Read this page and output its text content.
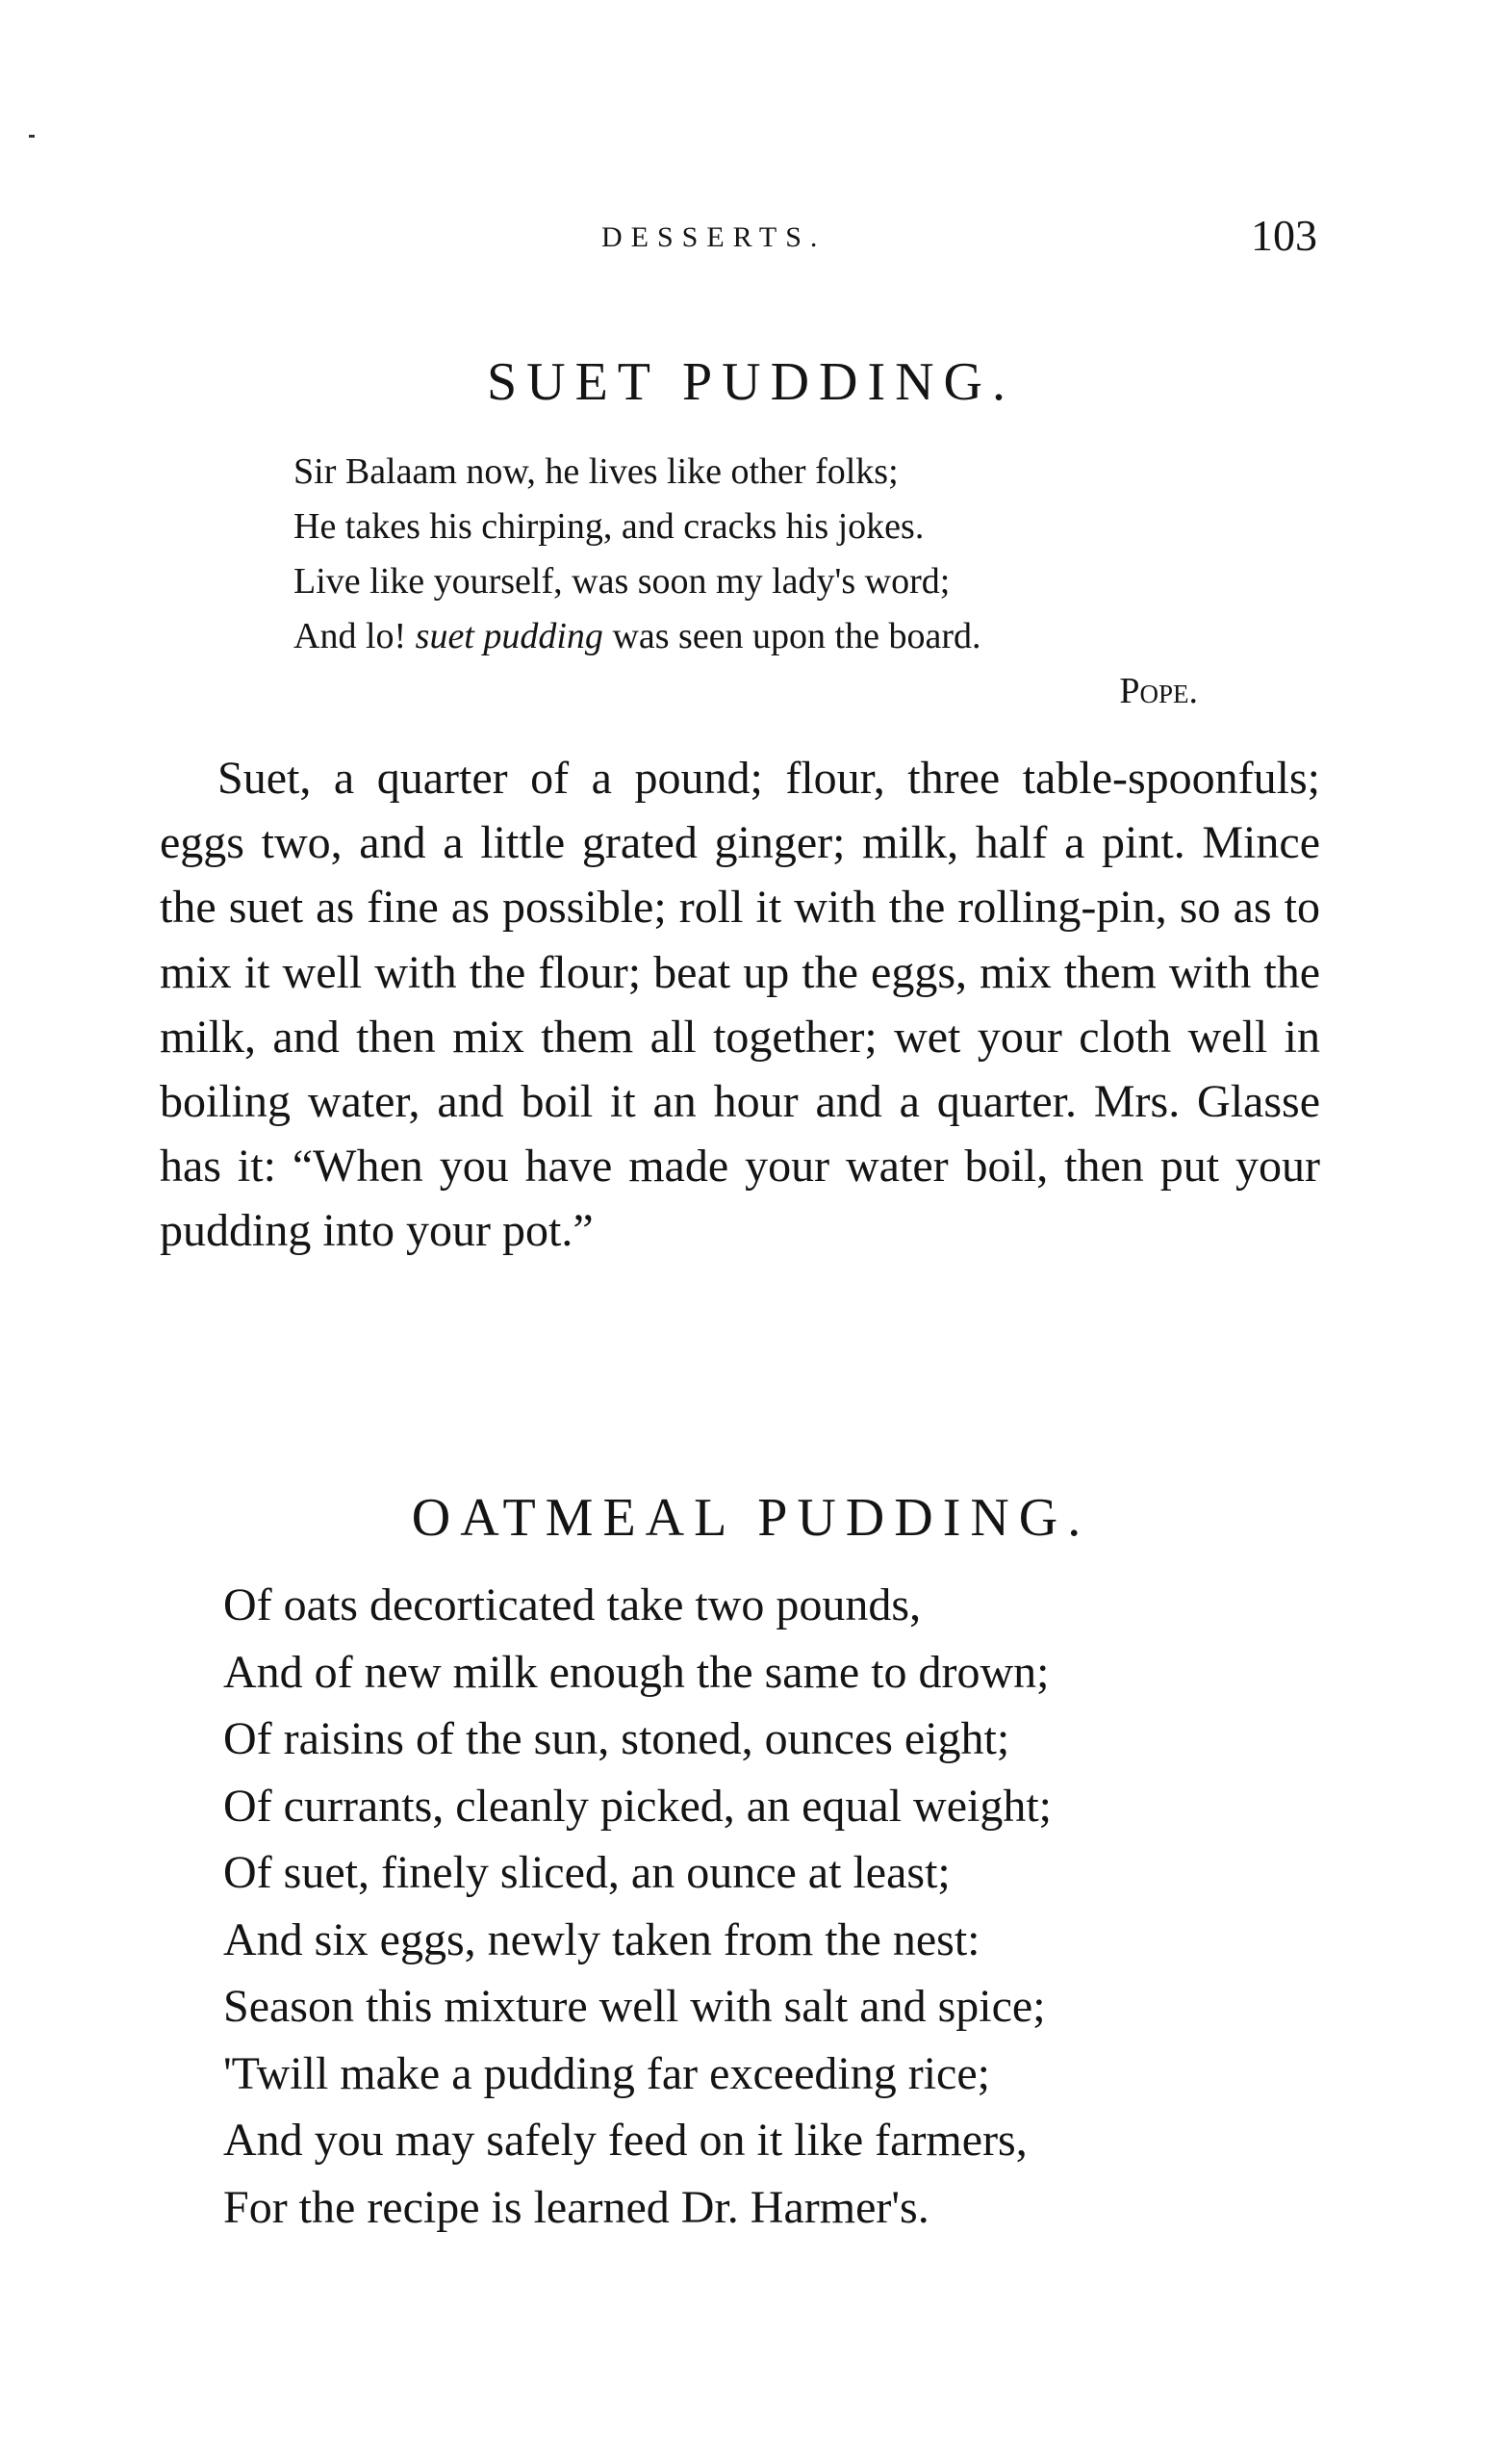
DESSERTS.	103
SUET PUDDING.
Sir Balaam now, he lives like other folks;
He takes his chirping, and cracks his jokes.
Live like yourself, was soon my lady's word;
And lo! suet pudding was seen upon the board.
Pope.

Suet, a quarter of a pound; flour, three table-spoonfuls; eggs two, and a little grated ginger; milk, half a pint. Mince the suet as fine as possible; roll it with the rolling-pin, so as to mix it well with the flour; beat up the eggs, mix them with the milk, and then mix them all together; wet your cloth well in boiling water, and boil it an hour and a quarter. Mrs. Glasse has it: “When you have made your water boil, then put your pudding into your pot.”

OATMEAL PUDDING.
Of oats decorticated take two pounds,
And of new milk enough the same to drown;
Of raisins of the sun, stoned, ounces eight;
Of currants, cleanly picked, an equal weight;
Of suet, finely sliced, an ounce at least;
And six eggs, newly taken from the nest:
Season this mixture well with salt and spice;
'Twill make a pudding far exceeding rice;
And you may safely feed on it like farmers,
For the recipe is learned Dr. Harmer's.
